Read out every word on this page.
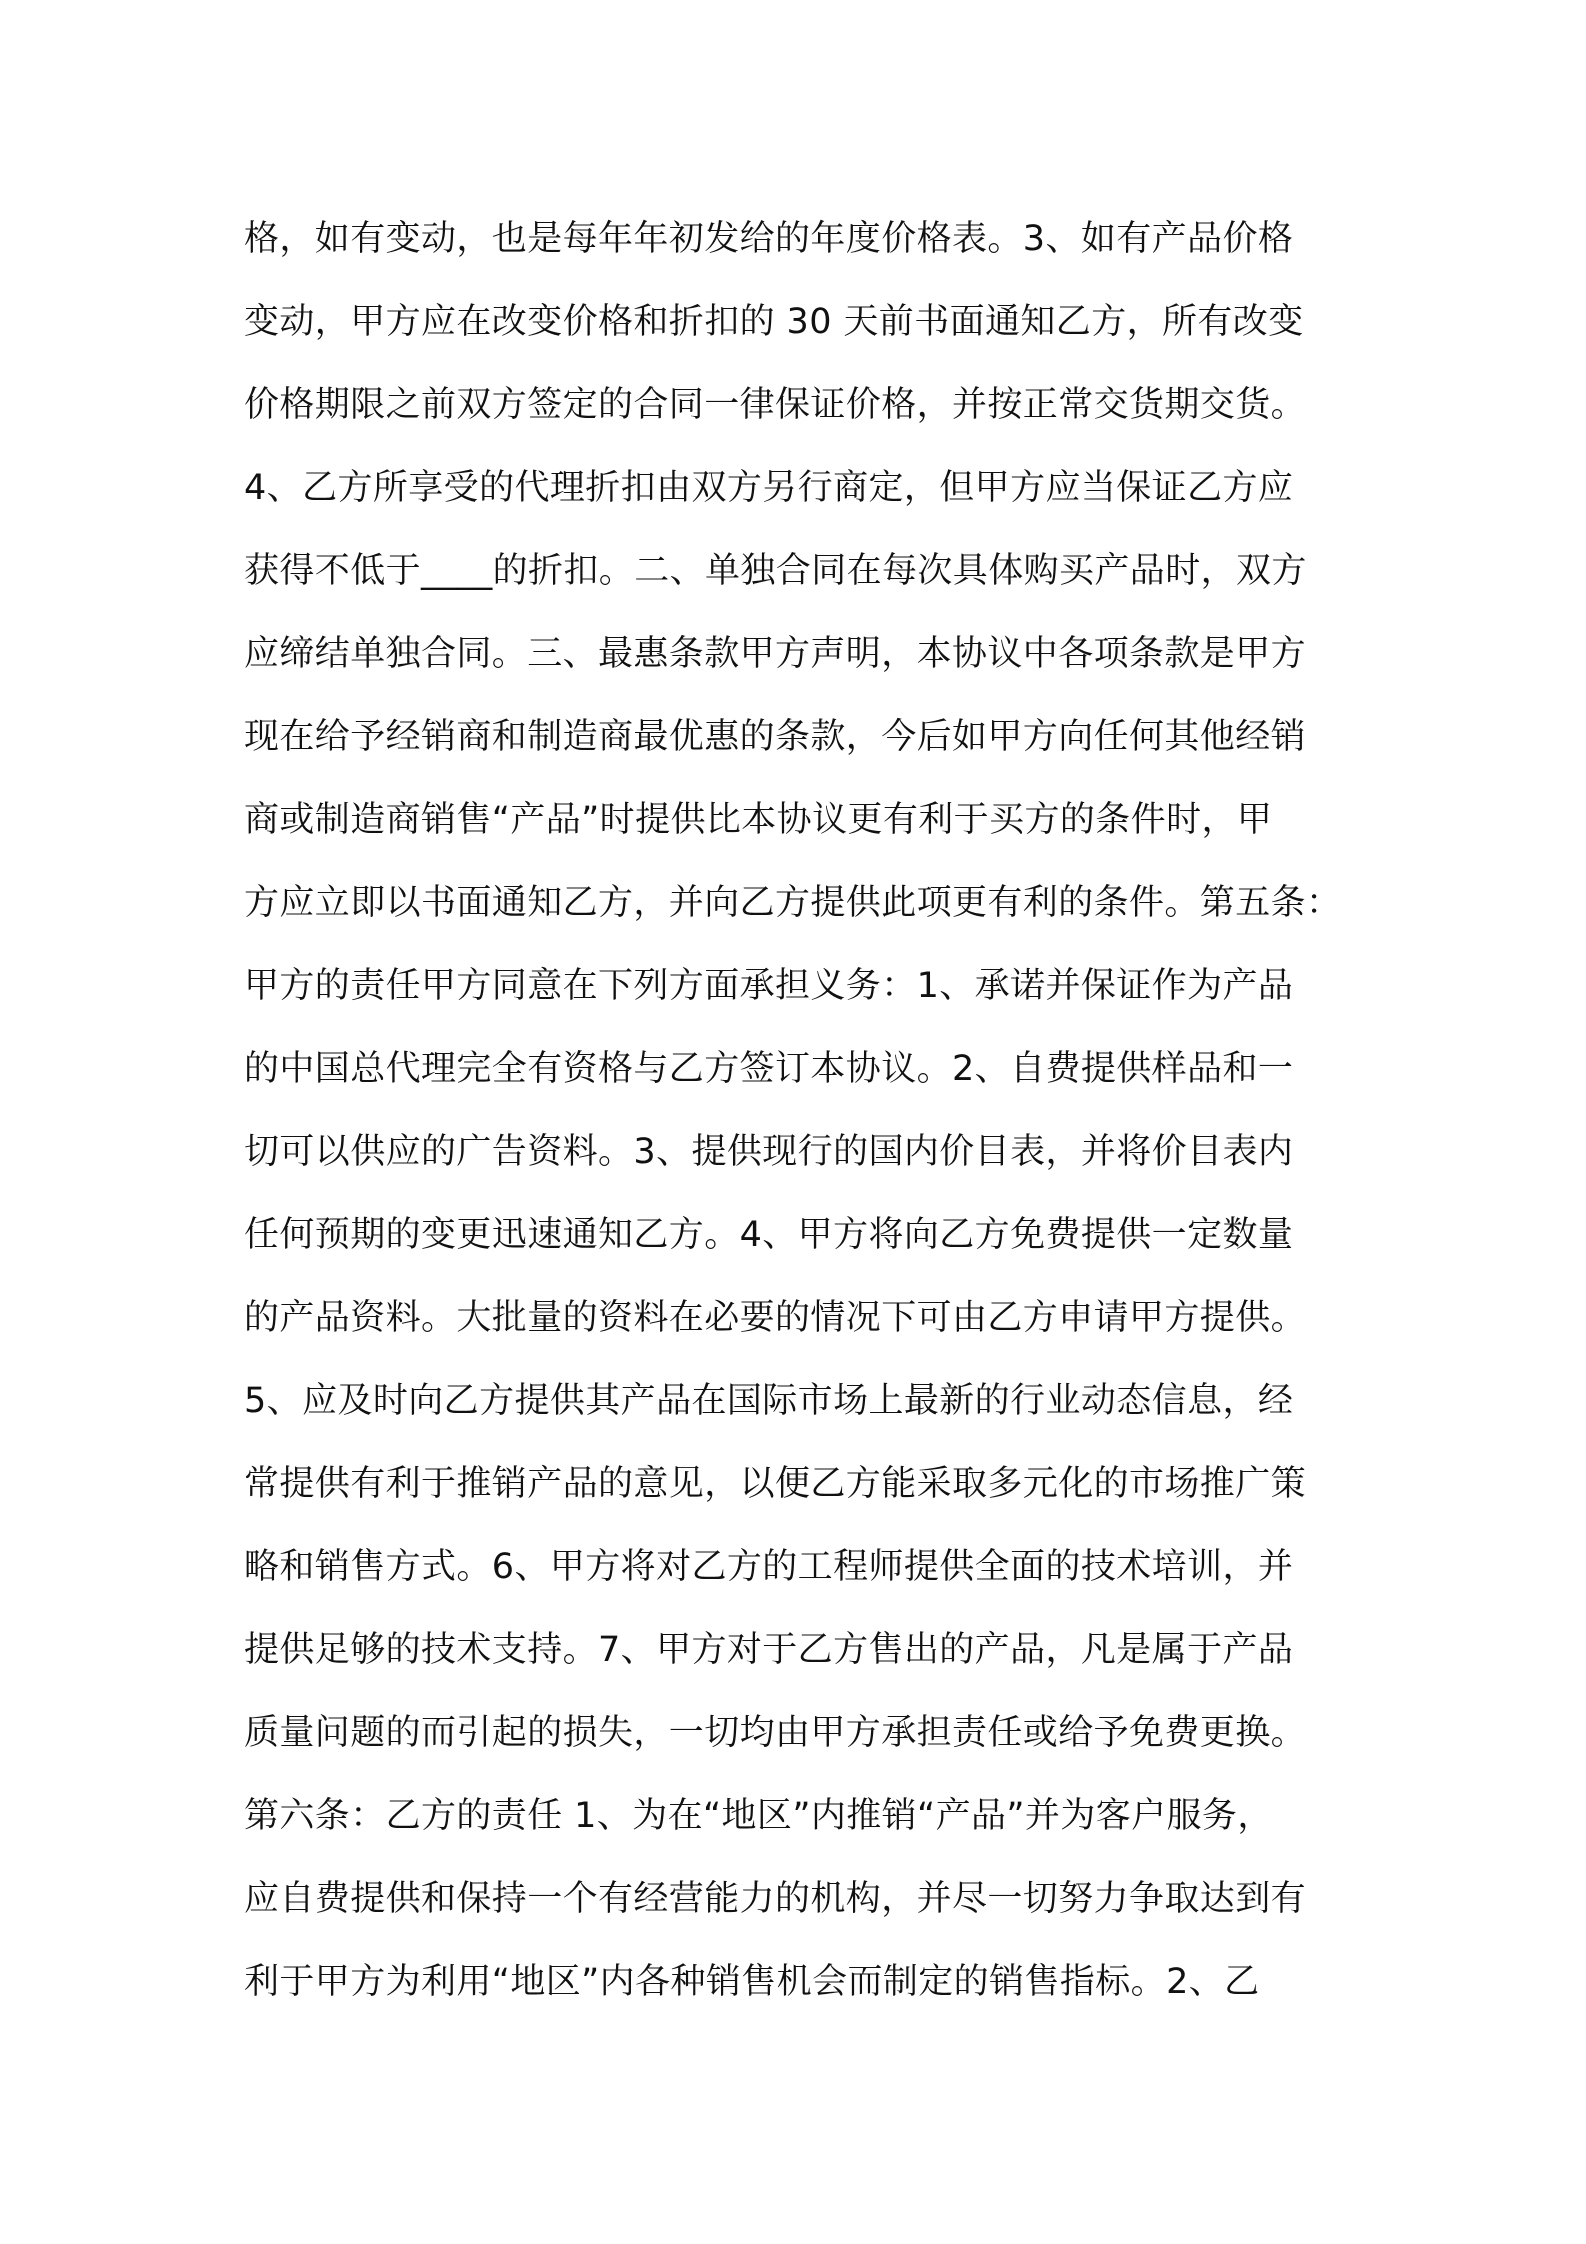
格，如有变动，也是每年年初发给的年度价格表。3、如有产品价格
变动，甲方应在改变价格和折扣的 30 天前书面通知乙方，所有改变
价格期限之前双方签定的合同一律保证价格，并按正常交货期交货。
4、乙方所享受的代理折扣由双方另行商定，但甲方应当保证乙方应
获得不低于____的折扣。二、单独合同在每次具体购买产品时，双方
应缔结单独合同。三、最惠条款甲方声明，本协议中各项条款是甲方
现在给予经销商和制造商最优惠的条款，今后如甲方向任何其他经销
商或制造商销售“产品”时提供比本协议更有利于买方的条件时，甲
方应立即以书面通知乙方，并向乙方提供此项更有利的条件。第五条：
甲方的责任甲方同意在下列方面承担义务：1、承诺并保证作为产品
的中国总代理完全有资格与乙方签订本协议。2、自费提供样品和一
切可以供应的广告资料。3、提供现行的国内价目表，并将价目表内
任何预期的变更迅速通知乙方。4、甲方将向乙方免费提供一定数量
的产品资料。大批量的资料在必要的情况下可由乙方申请甲方提供。
5、应及时向乙方提供其产品在国际市场上最新的行业动态信息，经
常提供有利于推销产品的意见，以便乙方能采取多元化的市场推广策
略和销售方式。6、甲方将对乙方的工程师提供全面的技术培训，并
提供足够的技术支持。7、甲方对于乙方售出的产品，凡是属于产品
质量问题的而引起的损失，一切均由甲方承担责任或给予免费更换。
第六条：乙方的责任 1、为在“地区”内推销“产品”并为客户服务，
应自费提供和保持一个有经营能力的机构，并尽一切努力争取达到有
利于甲方为利用“地区”内各种销售机会而制定的销售指标。2、乙
